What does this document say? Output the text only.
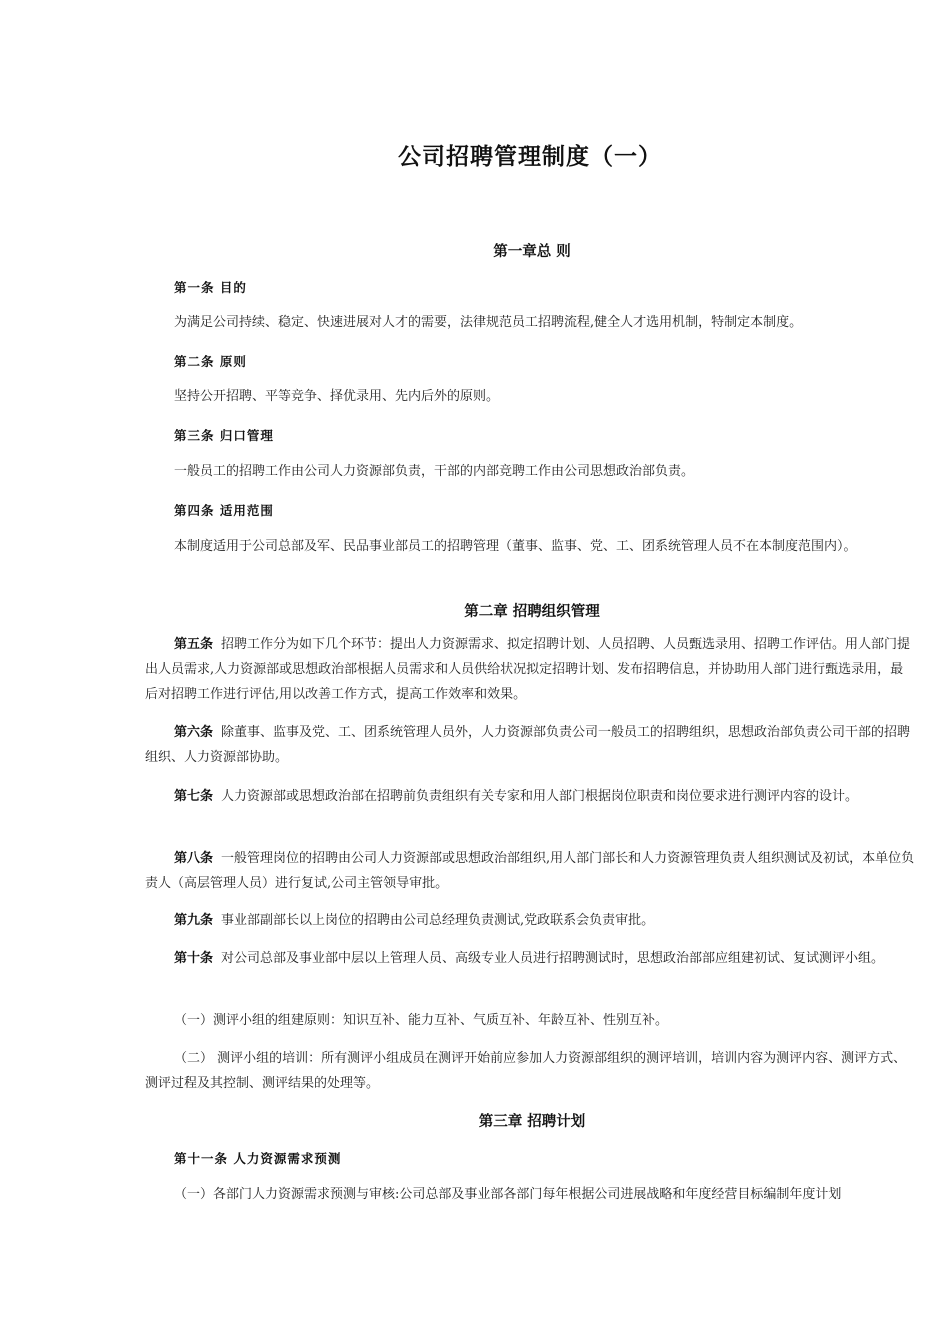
公司招聘管理制度（一）
第一章总 则
第一条 目的

为满足公司持续、稳定、快速进展对人才的需要，法律规范员工招聘流程,健全人才选用机制，特制定本制度。

第二条 原则

坚持公开招聘、平等竞争、择优录用、先内后外的原则。

第三条 归口管理

一般员工的招聘工作由公司人力资源部负责，干部的内部竞聘工作由公司思想政治部负责。

第四条 适用范围

本制度适用于公司总部及军、民品事业部员工的招聘管理（董事、监事、党、工、团系统管理人员不在本制度范围内）。

第二章 招聘组织管理

第五条 招聘工作分为如下几个环节：提出人力资源需求、拟定招聘计划、人员招聘、人员甄选录用、招聘工作评估。用人部门提出人员需求,人力资源部或思想政治部根据人员需求和人员供给状况拟定招聘计划、发布招聘信息，并协助用人部门进行甄选录用，最后对招聘工作进行评估,用以改善工作方式，提高工作效率和效果。

第六条 除董事、监事及党、工、团系统管理人员外，人力资源部负责公司一般员工的招聘组织，思想政治部负责公司干部的招聘组织、人力资源部协助。

第七条 人力资源部或思想政治部在招聘前负责组织有关专家和用人部门根据岗位职责和岗位要求进行测评内容的设计。

第八条 一般管理岗位的招聘由公司人力资源部或思想政治部组织,用人部门部长和人力资源管理负责人组织测试及初试，本单位负责人（高层管理人员）进行复试,公司主管领导审批。

第九条 事业部副部长以上岗位的招聘由公司总经理负责测试,党政联系会负责审批。

第十条 对公司总部及事业部中层以上管理人员、高级专业人员进行招聘测试时，思想政治部部应组建初试、复试测评小组。

（一）测评小组的组建原则：知识互补、能力互补、气质互补、年龄互补、性别互补。

（二） 测评小组的培训：所有测评小组成员在测评开始前应参加人力资源部组织的测评培训，培训内容为测评内容、测评方式、测评过程及其控制、测评结果的处理等。

第三章 招聘计划
第十一条 人力资源需求预测

（一）各部门人力资源需求预测与审核:公司总部及事业部各部门每年根据公司进展战略和年度经营目标编制年度计划
